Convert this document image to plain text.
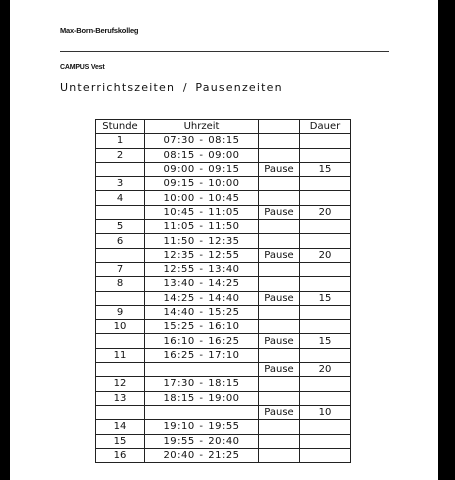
Max-Born-Berufskolleg
CAMPUS Vest
Unterrichtszeiten / Pausenzeiten
Stunde	Uhrzeit		Dauer
1	07:30 - 08:15		
2	08:15 - 09:00		
	09:00 - 09:15	Pause	15
3	09:15 - 10:00		
4	10:00 - 10:45		
	10:45 - 11:05	Pause	20
5	11:05 - 11:50		
6	11:50 - 12:35		
	12:35 - 12:55	Pause	20
7	12:55 - 13:40		
8	13:40 - 14:25		
	14:25 - 14:40	Pause	15
9	14:40 - 15:25		
10	15:25 - 16:10		
	16:10 - 16:25	Pause	15
11	16:25 - 17:10		
		Pause	20
12	17:30 - 18:15		
13	18:15 - 19:00		
		Pause	10
14	19:10 - 19:55		
15	19:55 - 20:40		
16	20:40 - 21:25		
